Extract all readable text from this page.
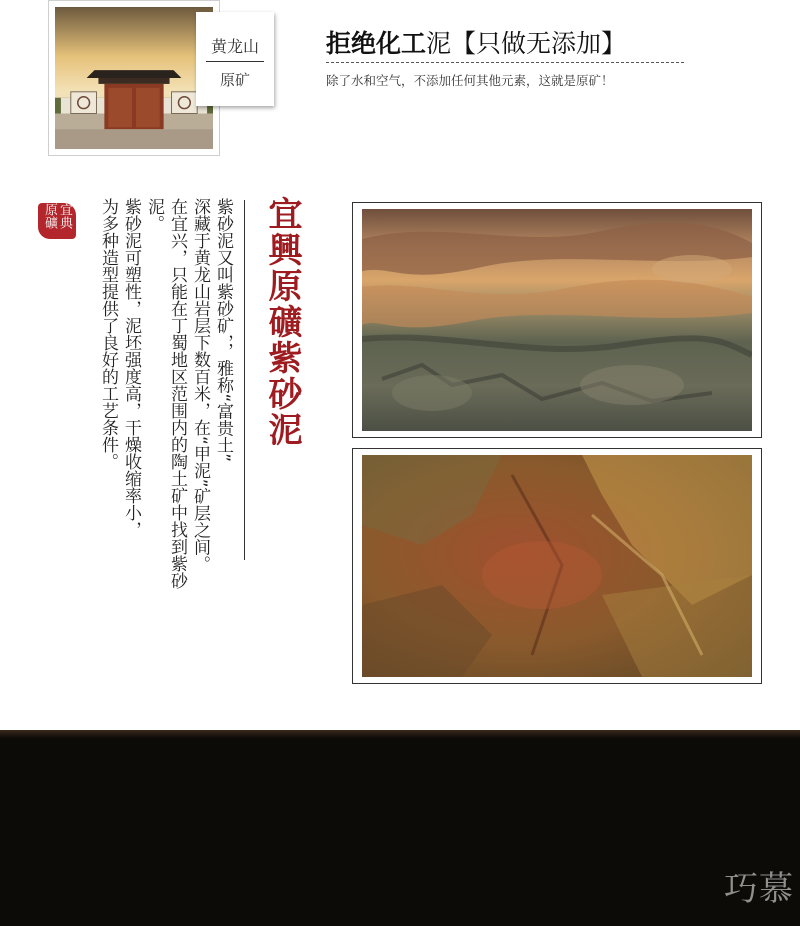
黄龙山
原矿
拒绝化工泥【只做无添加】
除了水和空气，不添加任何其他元素，这就是原矿！
宜典原礦	紫砂泥又叫紫砂矿，，雅称“富贵土”

深藏于黄龙山岩层下数百米，在“甲泥”矿层之间。

在宜兴，只能在丁蜀地区范围内的陶土矿中找到紫砂泥。

紫砂泥可塑性，泥坯强度高，干燥收缩率小，

为多种造型提供了良好的工艺条件。	宜興原礦紫砂泥
巧慕
